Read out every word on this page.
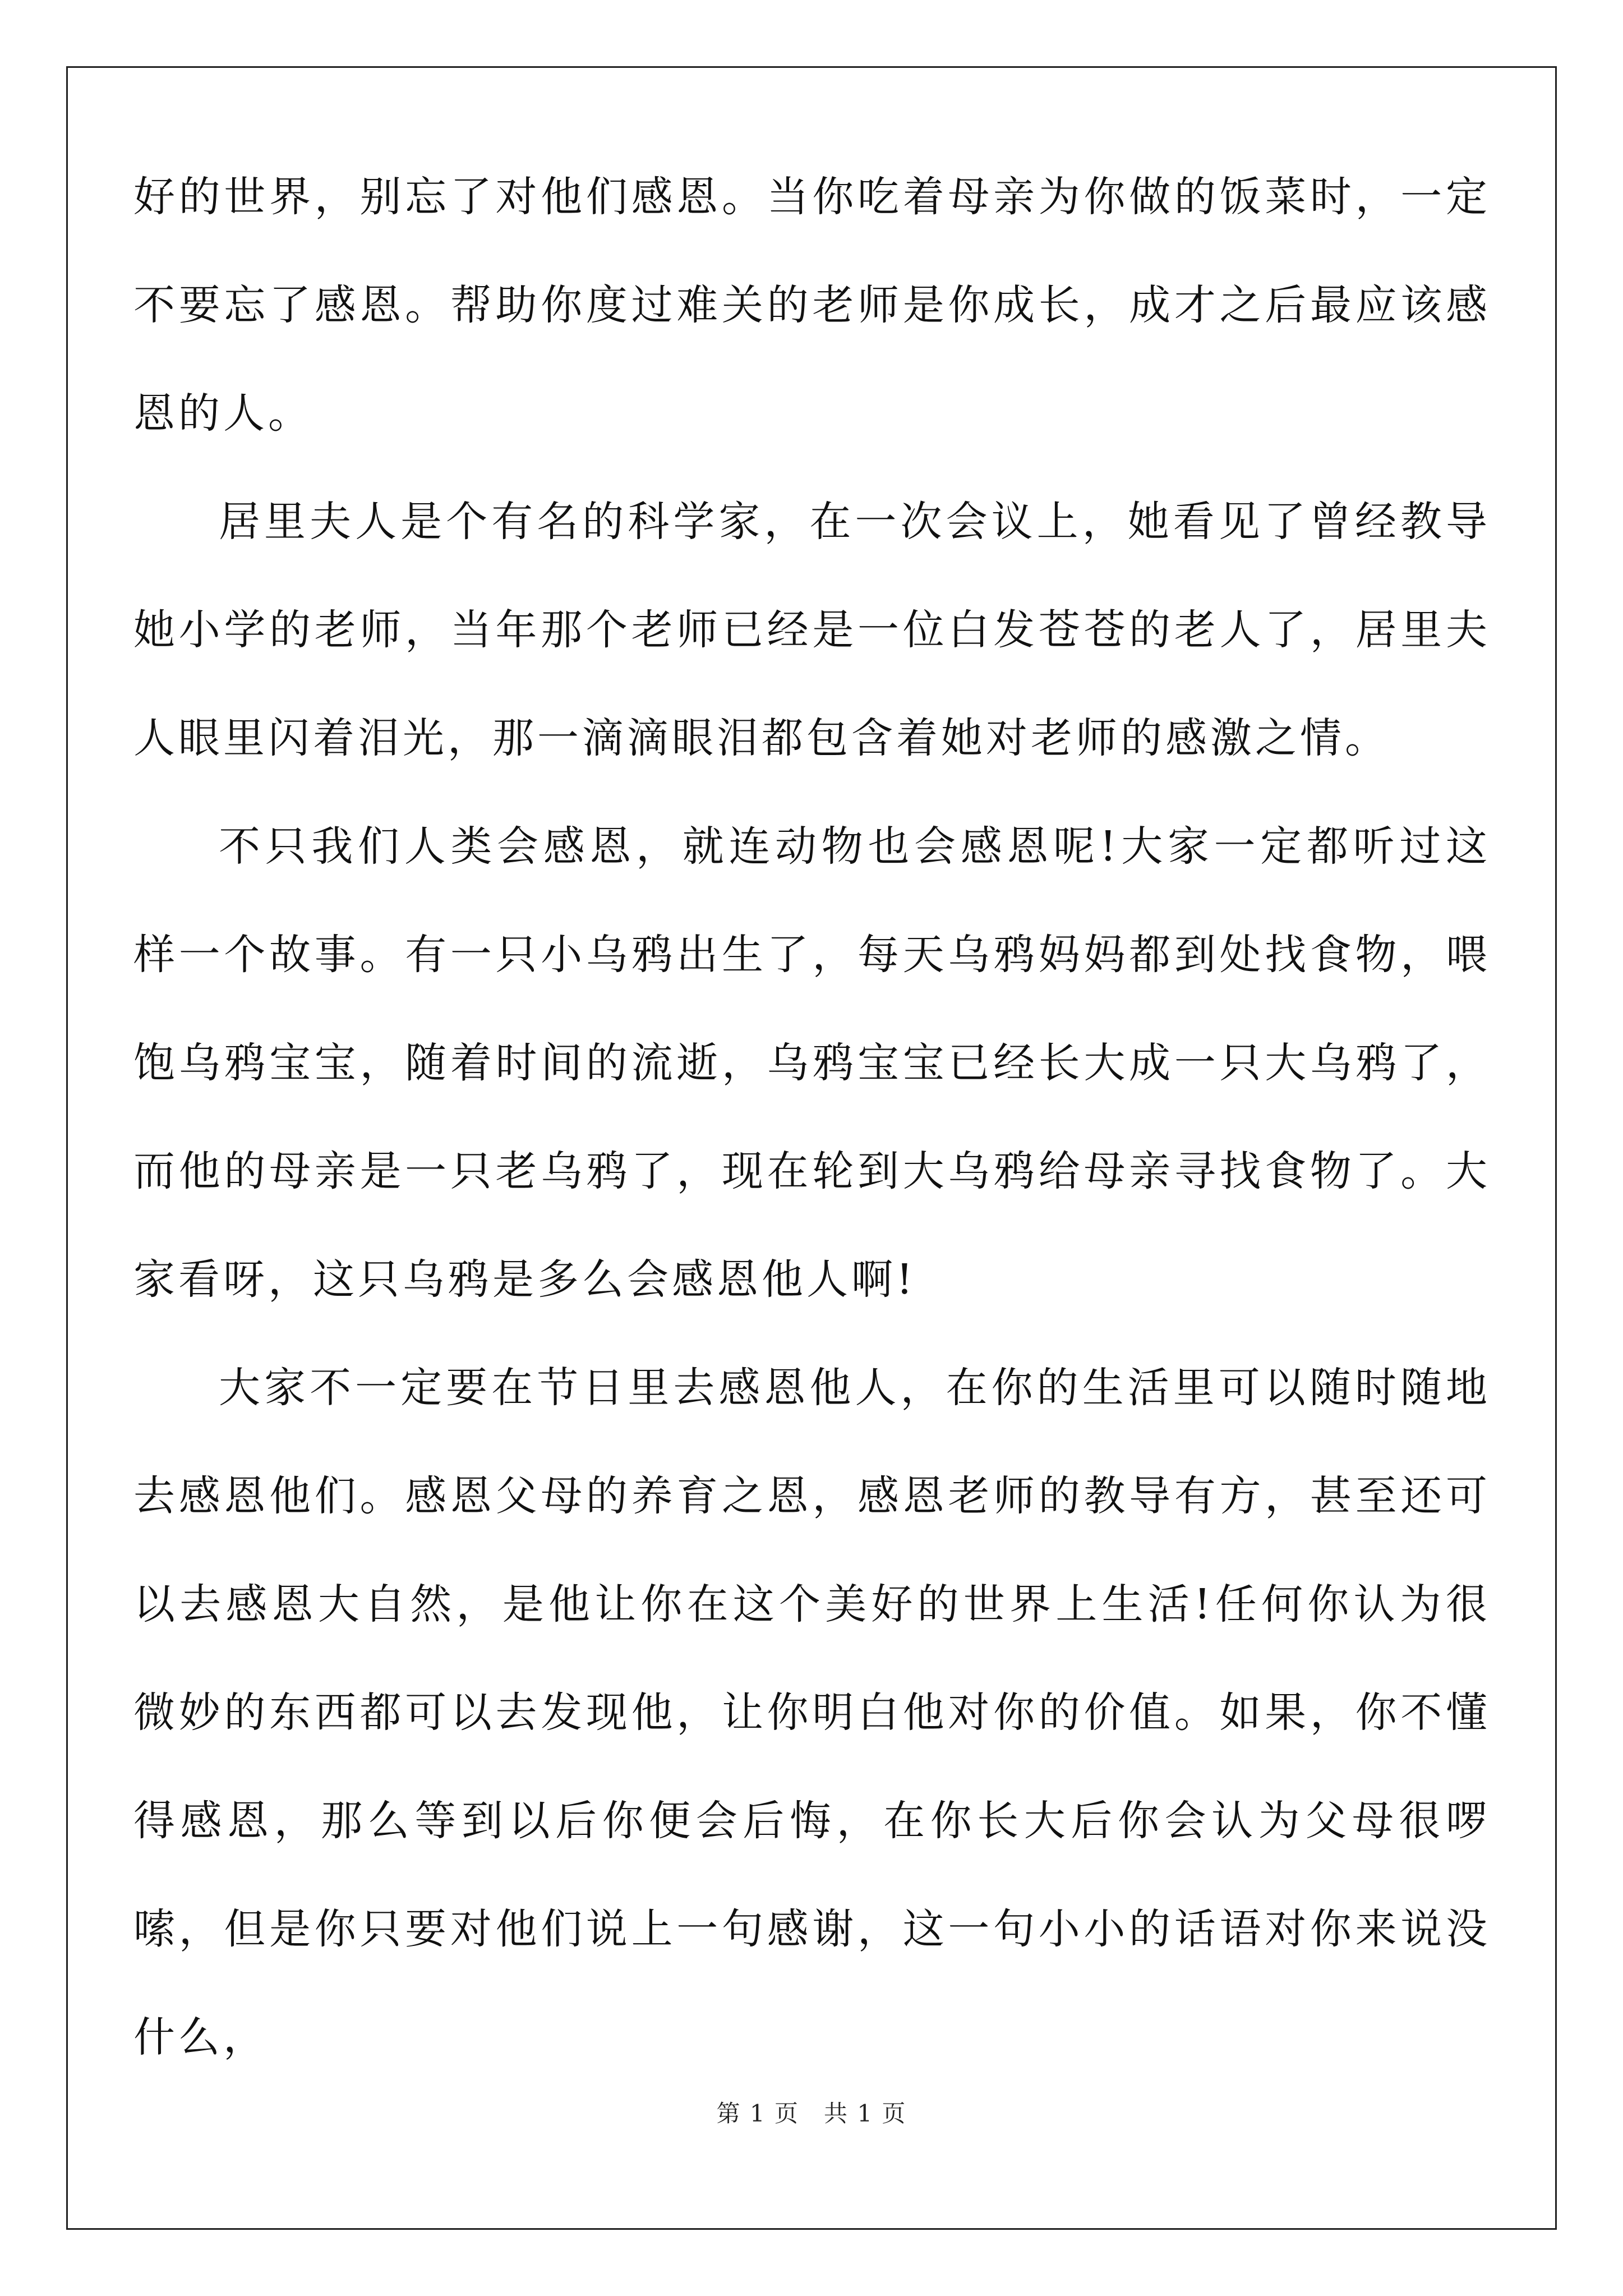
好的世界，别忘了对他们感恩。当你吃着母亲为你做的饭菜时，一定不要忘了感恩。帮助你度过难关的老师是你成长，成才之后最应该感恩的人。

居里夫人是个有名的科学家，在一次会议上，她看见了曾经教导她小学的老师，当年那个老师已经是一位白发苍苍的老人了，居里夫人眼里闪着泪光，那一滴滴眼泪都包含着她对老师的感激之情。

不只我们人类会感恩，就连动物也会感恩呢!大家一定都听过这样一个故事。有一只小乌鸦出生了，每天乌鸦妈妈都到处找食物，喂饱乌鸦宝宝，随着时间的流逝，乌鸦宝宝已经长大成一只大乌鸦了，而他的母亲是一只老乌鸦了，现在轮到大乌鸦给母亲寻找食物了。大家看呀，这只乌鸦是多么会感恩他人啊!

大家不一定要在节日里去感恩他人，在你的生活里可以随时随地去感恩他们。感恩父母的养育之恩，感恩老师的教导有方，甚至还可以去感恩大自然，是他让你在这个美好的世界上生活!任何你认为很微妙的东西都可以去发现他，让你明白他对你的价值。如果，你不懂得感恩，那么等到以后你便会后悔，在你长大后你会认为父母很啰嗦，但是你只要对他们说上一句感谢，这一句小小的话语对你来说没什么，

第 1 页　共 1 页
